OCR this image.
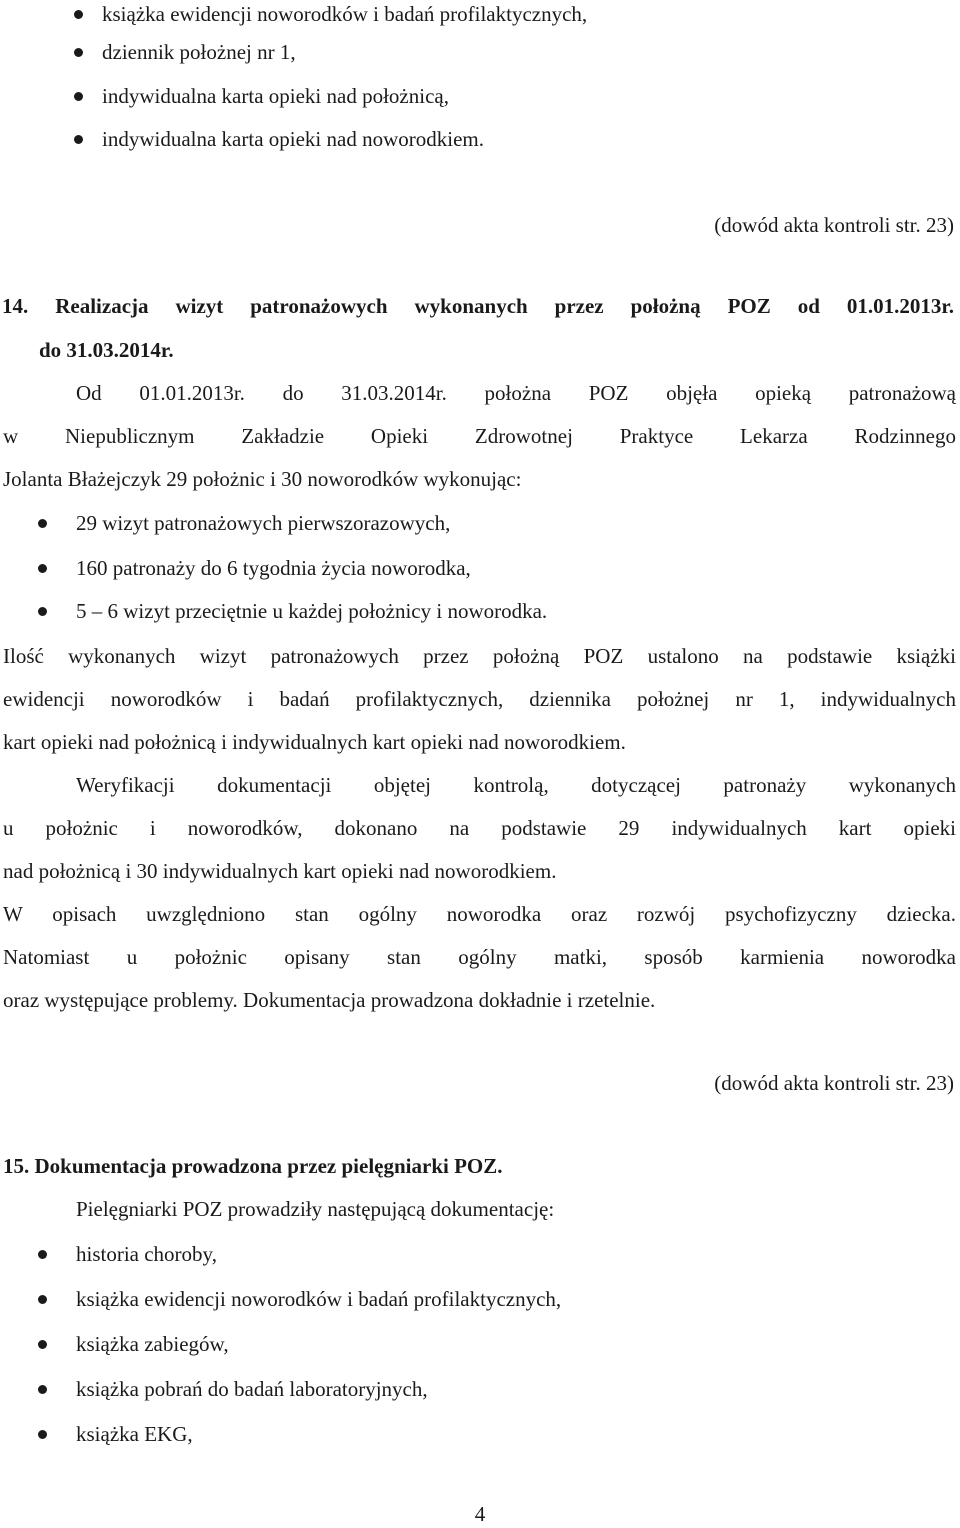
książka ewidencji noworodków i badań profilaktycznych,
dziennik położnej nr 1,
indywidualna karta opieki nad położnicą,
indywidualna karta opieki nad noworodkiem.
(dowód akta kontroli str. 23)
14. Realizacja wizyt patronażowych wykonanych przez położną POZ od 01.01.2013r.
do 31.03.2014r.
Od 01.01.2013r. do 31.03.2014r. położna POZ objęła opieką patronażową
w Niepublicznym Zakładzie Opieki Zdrowotnej Praktyce Lekarza Rodzinnego
Jolanta Błażejczyk 29 położnic i 30 noworodków wykonując:
29 wizyt patronażowych pierwszorazowych,
160 patronaży do 6 tygodnia życia noworodka,
5 – 6 wizyt przeciętnie u każdej położnicy i noworodka.
Ilość wykonanych wizyt patronażowych przez położną POZ ustalono na podstawie książki
ewidencji noworodków i badań profilaktycznych, dziennika położnej nr 1, indywidualnych
kart opieki nad położnicą i indywidualnych kart opieki nad noworodkiem.
Weryfikacji dokumentacji objętej kontrolą, dotyczącej patronaży wykonanych
u położnic i noworodków, dokonano na podstawie 29 indywidualnych kart opieki
nad położnicą i 30 indywidualnych kart opieki nad noworodkiem.
W opisach uwzględniono stan ogólny noworodka oraz rozwój psychofizyczny dziecka.
Natomiast u położnic opisany stan ogólny matki, sposób karmienia noworodka
oraz występujące problemy. Dokumentacja prowadzona dokładnie i rzetelnie.
(dowód akta kontroli str. 23)
15. Dokumentacja prowadzona przez pielęgniarki POZ.
Pielęgniarki POZ prowadziły następującą dokumentację:
historia choroby,
książka ewidencji noworodków i badań profilaktycznych,
książka zabiegów,
książka pobrań do badań laboratoryjnych,
książka EKG,
4
